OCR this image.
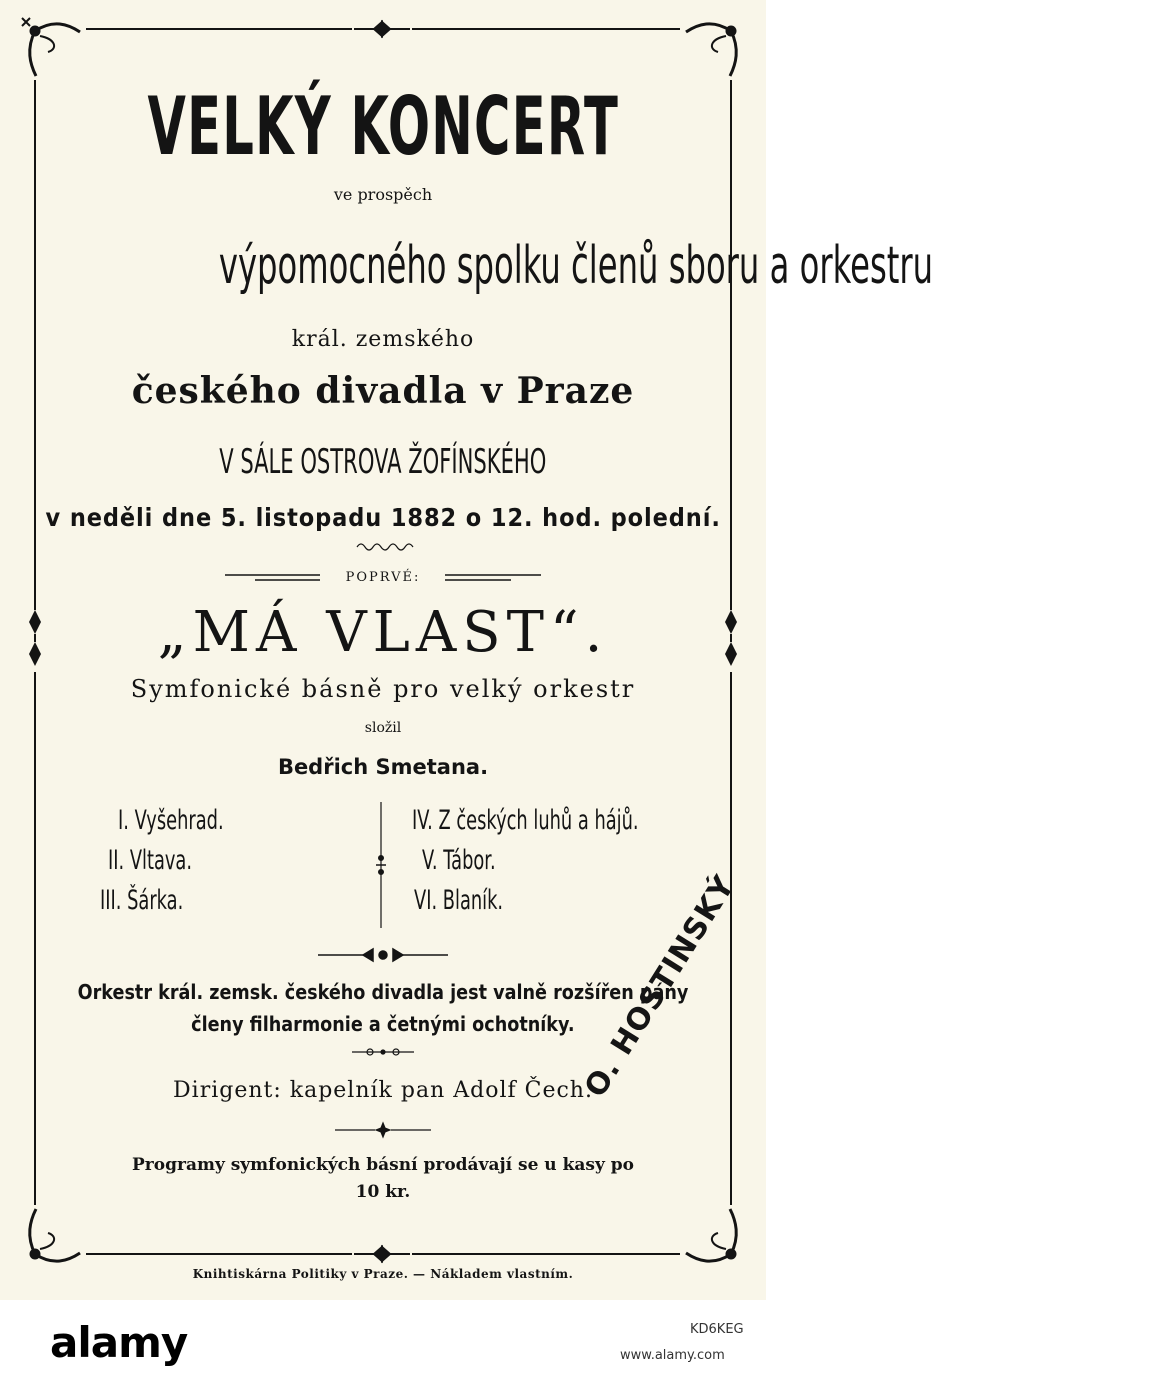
VELKÝ KONCERT
ve prospěch
výpomocného spolku členů sboru a orkestru
král. zemského
českého divadla v Praze
V SÁLE OSTROVA ŽOFÍNSKÉHO
v neděli dne 5. listopadu 1882 o 12. hod. polední.
POPRVÉ:
„MÁ VLAST“.
Symfonické básně pro velký orkestr
složil
Bedřich Smetana.
I. Vyšehrad.
II. Vltava.
III. Šárka.
IV. Z českých luhů a hájů.
V. Tábor.
VI. Blaník.
Orkestr král. zemsk. českého divadla jest valně rozšířen pány
členy filharmonie a četnými ochotníky.
Dirigent: kapelník pan Adolf Čech.
Programy symfonických básní prodávají se u kasy po
10 kr.
Knihtiskárna Politiky v Praze. — Nákladem vlastním.
O. HOSTINSKÝ
alamy	KD6KEG
www.alamy.com
